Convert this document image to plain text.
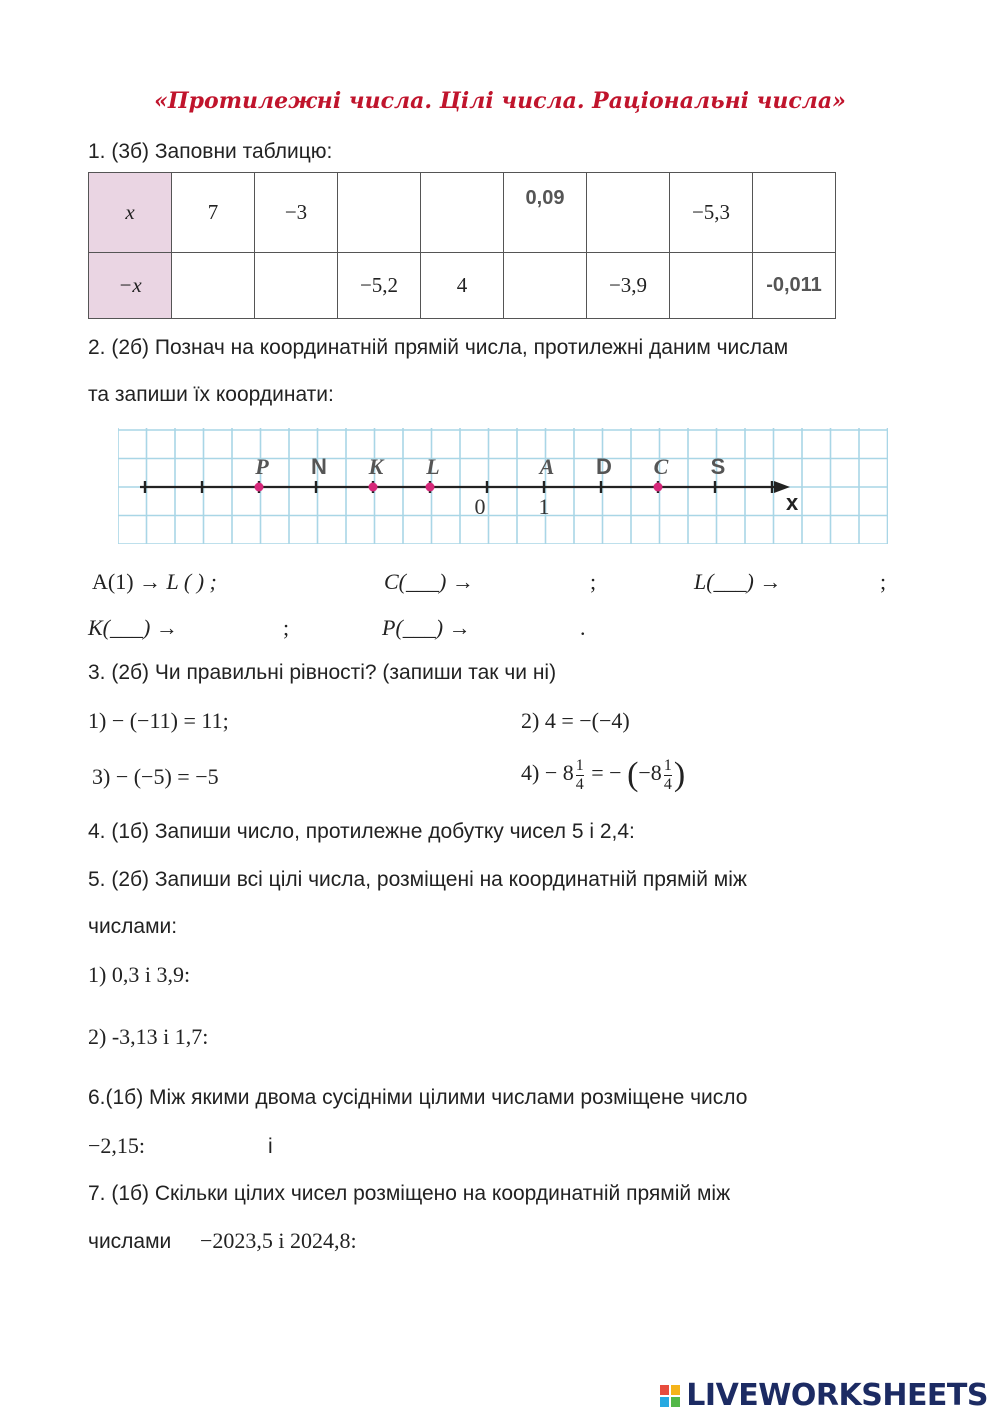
«Протилежні числа. Цілі числа. Раціональні числа»
1. (3б) Заповни таблицю:
x	7	−3			0,09		−5,3	
−x			−5,2	4		−3,9		-0,011
2. (2б) Познач на координатній прямій числа, протилежні даним числам
та запиши їх координати:
x
0 1
P N K L	A D C S
A(1) → L ( ) ;	C(___) →	;	L(___) →	;
K(___) →	;	P(___) →	.
3. (2б) Чи правильні рівності? (запиши так чи ні)
1) − (−11) = 11;	2) 4 = −(−4)
3) − (−5) = −5	$4) - 8 \frac{1}{4}$ = − ($-8 \frac{1}{4}$ )
4. (1б) Запиши число, протилежне добутку чисел 5 і 2,4:
5. (2б) Запиши всі цілі числа, розміщені на координатній прямій між
числами:
1) 0,3 і 3,9:
2) -3,13 і 1,7:
6.(1б) Між якими двома сусідніми цілими числами розміщене число
−2,15:	і
7. (1б) Скільки цілих чисел розміщено на координатній прямій між
числами −2023,5 і 2024,8:
LIVEWORKSHEETS
